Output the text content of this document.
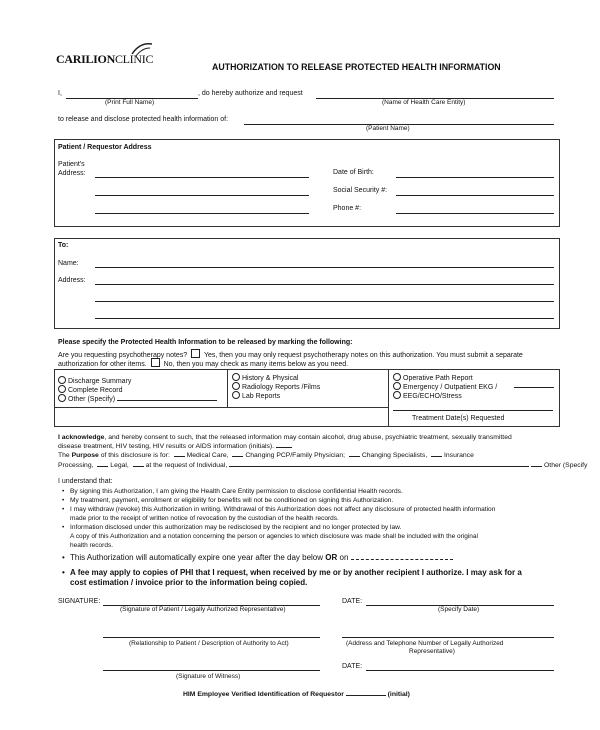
CARILIONCLINIC
AUTHORIZATION TO RELEASE PROTECTED HEALTH INFORMATION
I,	, do hereby authorize and request
(Print Full Name)	(Name of Health Care Entity)
to release and disclose protected health information of:
(Patient Name)
Patient / Requestor Address
Patient's
Address:	Date of Birth:
Social Security #:
Phone #:
To:
Name:
Address:
Please specify the Protected Health Information to be released by marking the following:
Are you requesting psychotherapy notes? Yes, then you may only request psychotherapy notes on this authorization. You must submit a separate
authorization for other items. No, then you may check as many items below as you need.
Discharge Summary
Complete Record
Other (Specify)
History & Physical
Radiology Reports /Films
Lab Reports
Operative Path Report
Emergency / Outpatient EKG /
EEG/ECHO/Stress
Treatment Date(s) Requested
I acknowledge, and hereby consent to such, that the released information may contain alcohol, drug abuse, psychiatric treatment, sexually transmitted
disease treatment, HIV testing, HIV results or AIDS information (initials).
The Purpose of this disclosure is for: Medical Care, Changing PCP/Family Physician; Changing Specialists, Insurance
Processing, Legal, at the request of Individual,	Other (Specify
I understand that:
• By signing this Authorization, I am giving the Health Care Entity permission to disclose confidential Health records.
• My treatment, payment, enrollment or eligibility for benefits will not be conditioned on signing this Authorization.
• I may withdraw (revoke) this Authorization in writing. Withdrawal of this Authorization does not affect any disclosure of protected health information
made prior to the receipt of written notice of revocation by the custodian of the health records.
• Information disclosed under this authorization may be redisclosed by the recipient and no longer protected by law.
A copy of this Authorization and a notation concerning the person or agencies to which disclosure was made shall be included with the original
health records.
• This Authorization will automatically expire one year after the day below OR on
• A fee may apply to copies of PHI that I request, when received by me or by another recipient I authorize. I may ask for a
cost estimation / invoice prior to the information being copied.
SIGNATURE:	DATE:
(Signature of Patient / Legally Authorized Representative)	(Specify Date)
(Relationship to Patient / Description of Authority to Act)	(Address and Telephone Number of Legally Authorized
Representative)
DATE:
(Signature of Witness)
HIM Employee Verified Identification of Requestor	(initial)
